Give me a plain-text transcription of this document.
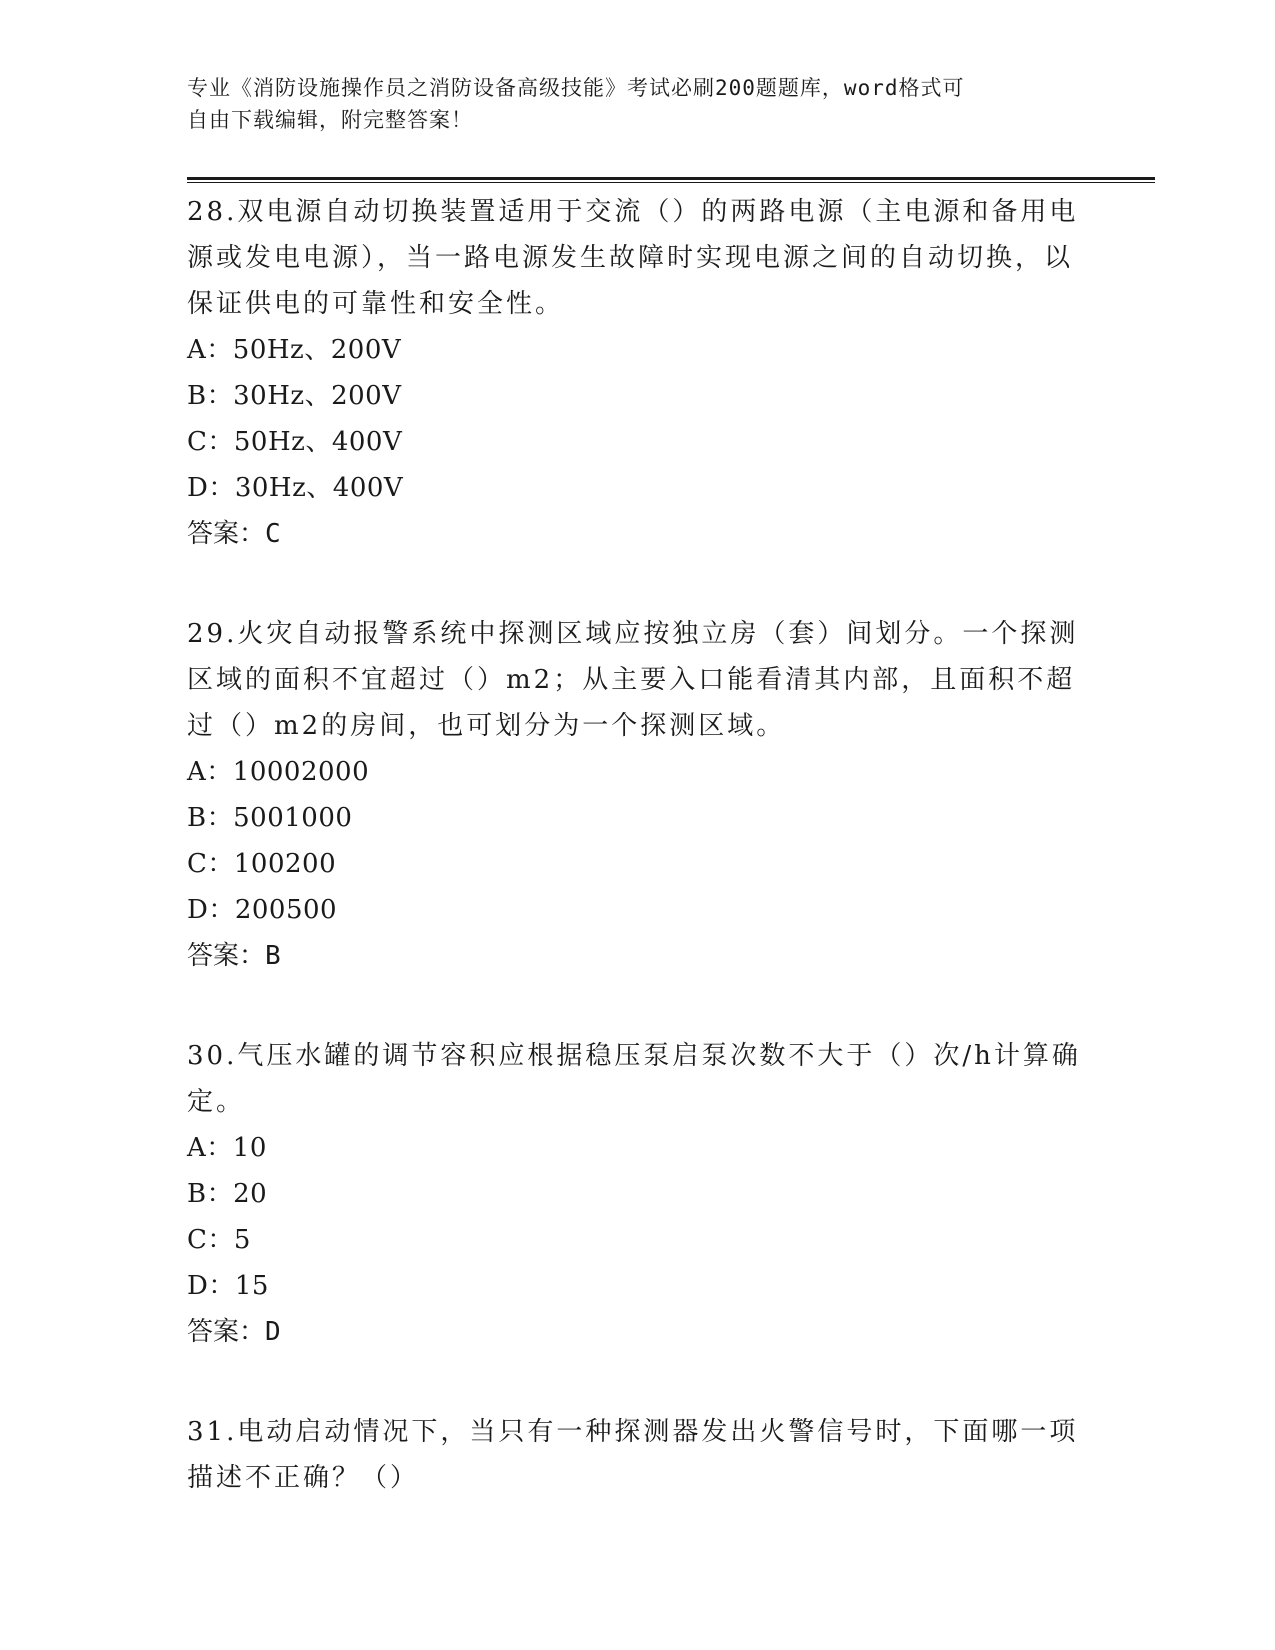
专业《消防设施操作员之消防设备高级技能》考试必刷200题题库，word格式可
自由下载编辑，附完整答案！
28.双电源自动切换装置适用于交流（）的两路电源（主电源和备用电源或发电电源），当一路电源发生故障时实现电源之间的自动切换，以保证供电的可靠性和安全性。
A：50Hz、200V
B：30Hz、200V
C：50Hz、400V
D：30Hz、400V
答案：C
29.火灾自动报警系统中探测区域应按独立房（套）间划分。一个探测区域的面积不宜超过（）m2；从主要入口能看清其内部，且面积不超过（）m2的房间，也可划分为一个探测区域。
A：10002000
B：5001000
C：100200
D：200500
答案：B
30.气压水罐的调节容积应根据稳压泵启泵次数不大于（）次/h计算确定。
A：10
B：20
C：5
D：15
答案：D
31.电动启动情况下，当只有一种探测器发出火警信号时，下面哪一项描述不正确？（）
